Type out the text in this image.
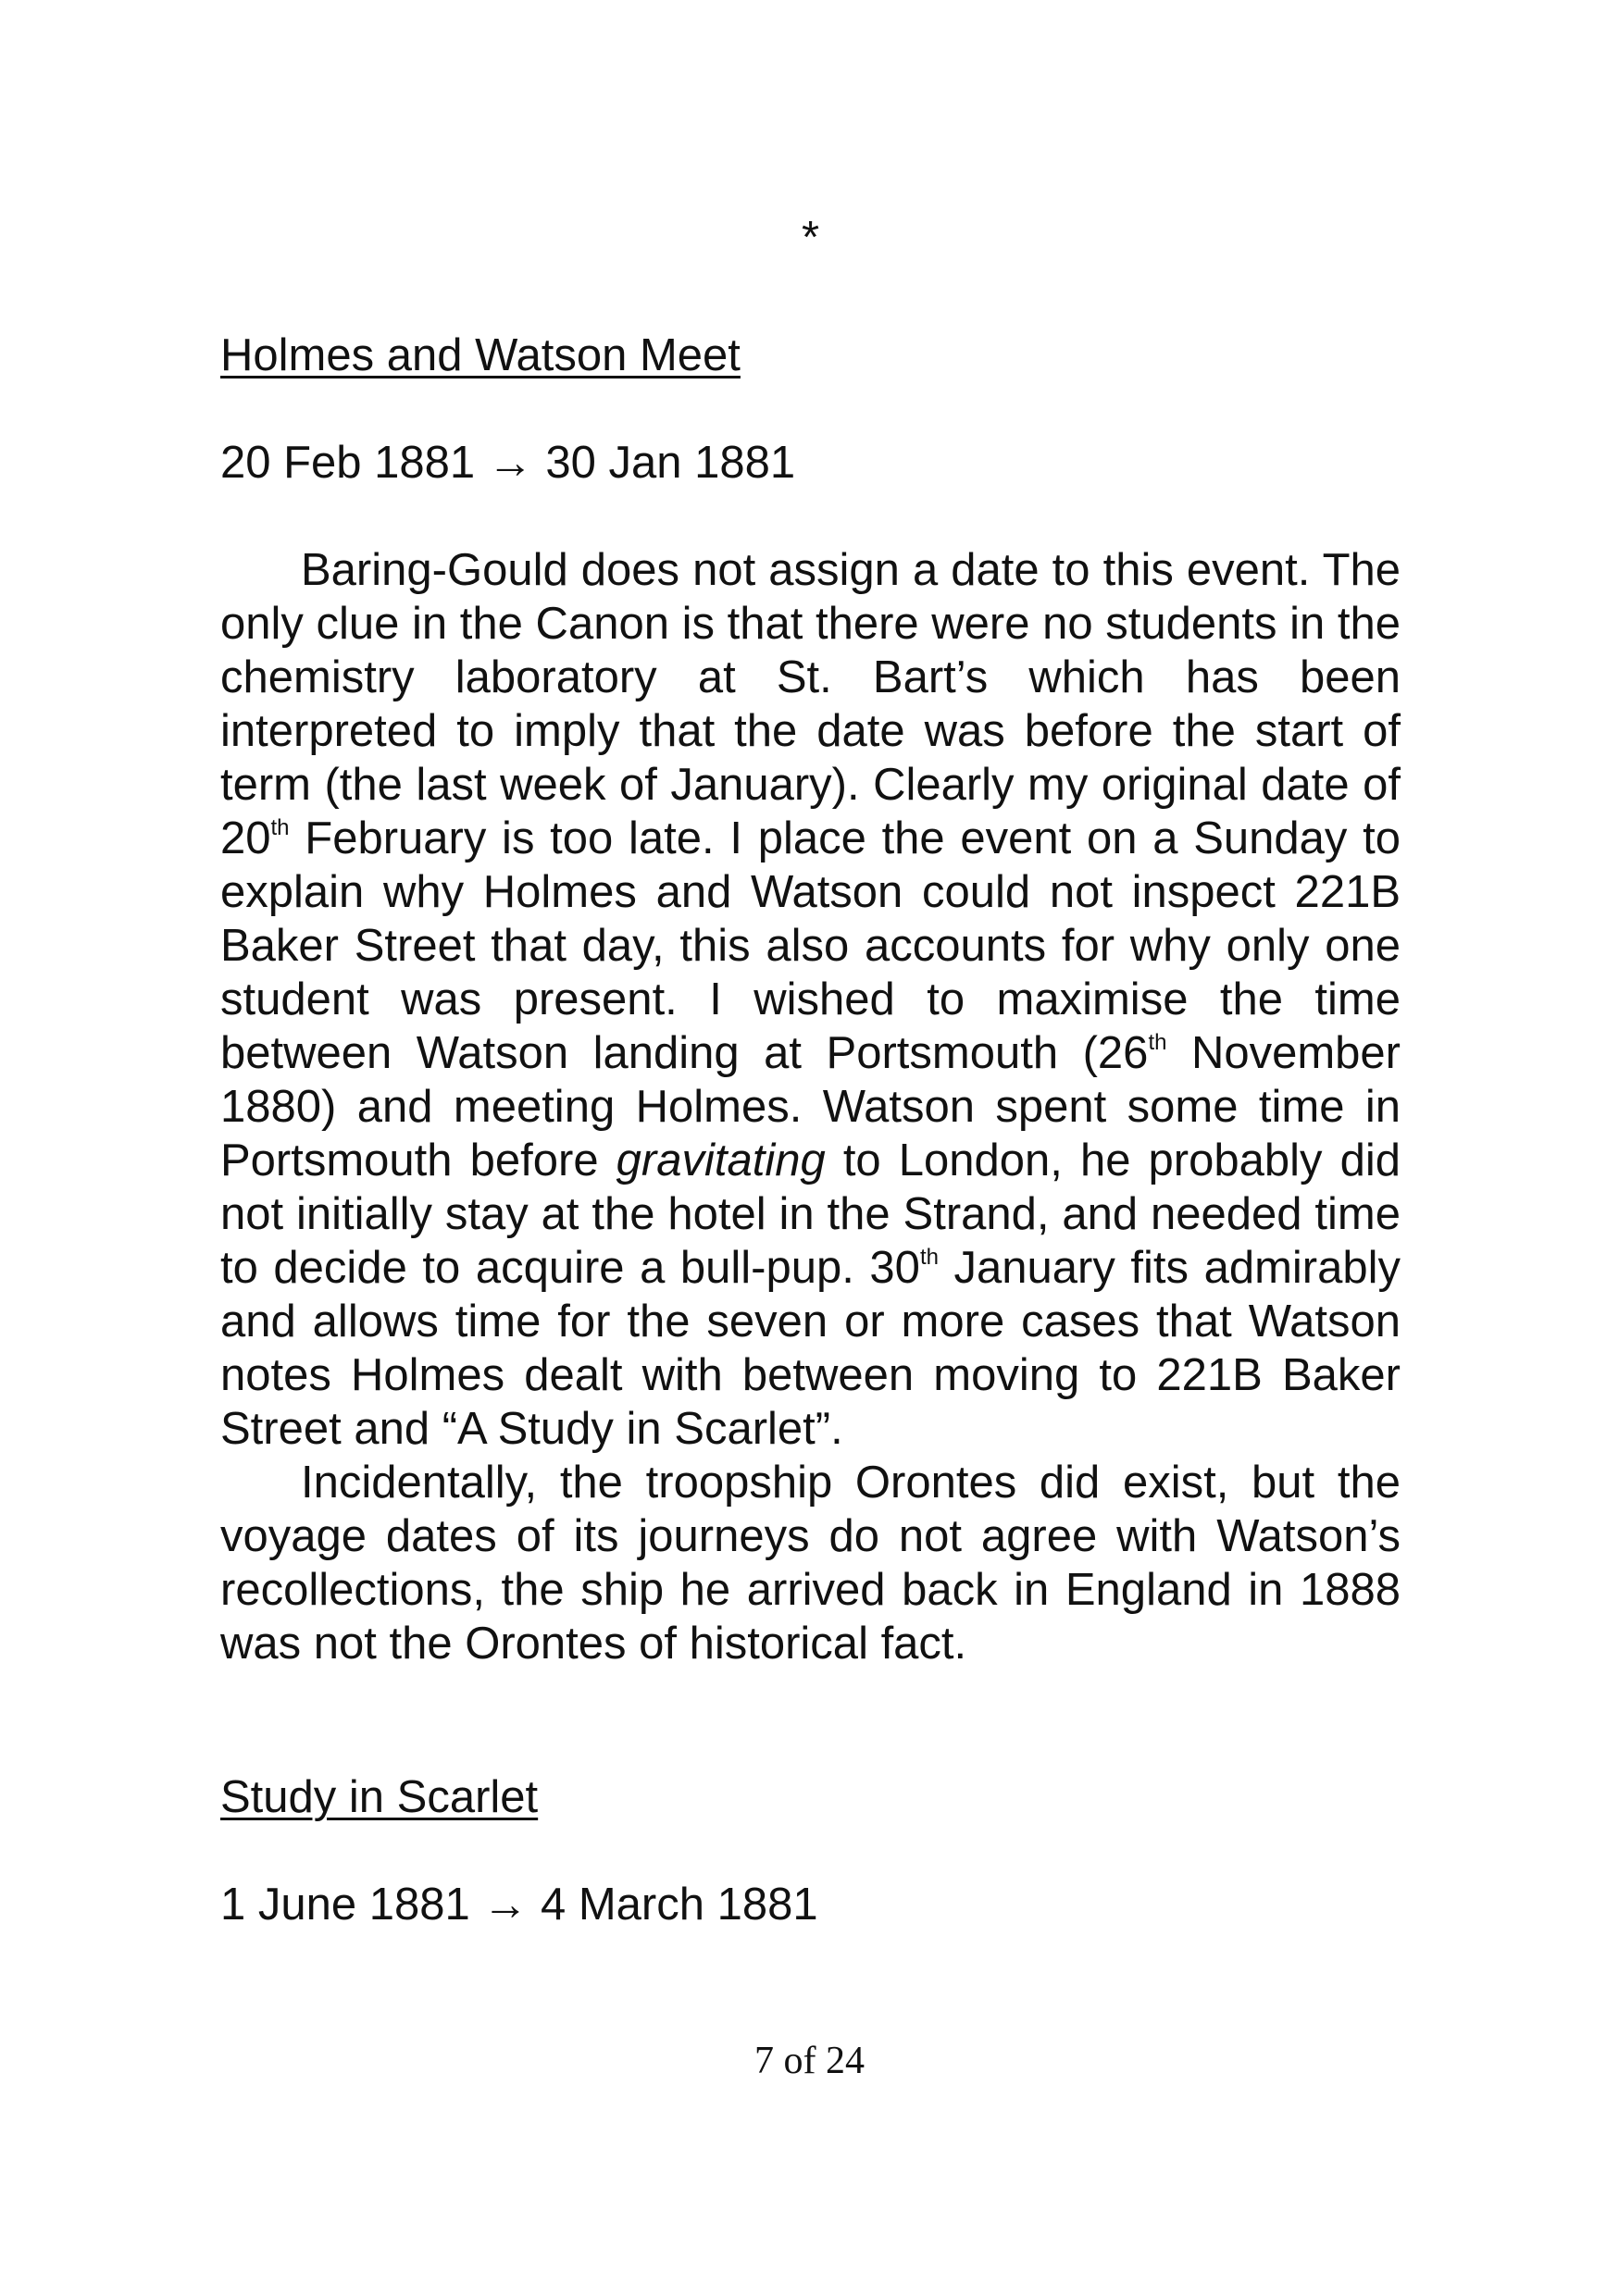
*
Holmes and Watson Meet
20 Feb 1881 → 30 Jan 1881

Baring-Gould does not assign a date to this event. The only clue in the Canon is that there were no students in the chemistry laboratory at St. Bart’s which has been interpreted to imply that the date was before the start of term (the last week of January). Clearly my original date of 20th February is too late. I place the event on a Sunday to explain why Holmes and Watson could not inspect 221B Baker Street that day, this also accounts for why only one student was present. I wished to maximise the time between Watson landing at Portsmouth (26th November 1880) and meeting Holmes. Watson spent some time in Portsmouth before gravitating to London, he probably did not initially stay at the hotel in the Strand, and needed time to decide to acquire a bull-pup. 30th January fits admirably and allows time for the seven or more cases that Watson notes Holmes dealt with between moving to 221B Baker Street and “A Study in Scarlet”.

Incidentally, the troopship Orontes did exist, but the voyage dates of its journeys do not agree with Watson’s recollections, the ship he arrived back in England in 1888 was not the Orontes of historical fact.

Study in Scarlet
1 June 1881 → 4 March 1881
7 of 24
